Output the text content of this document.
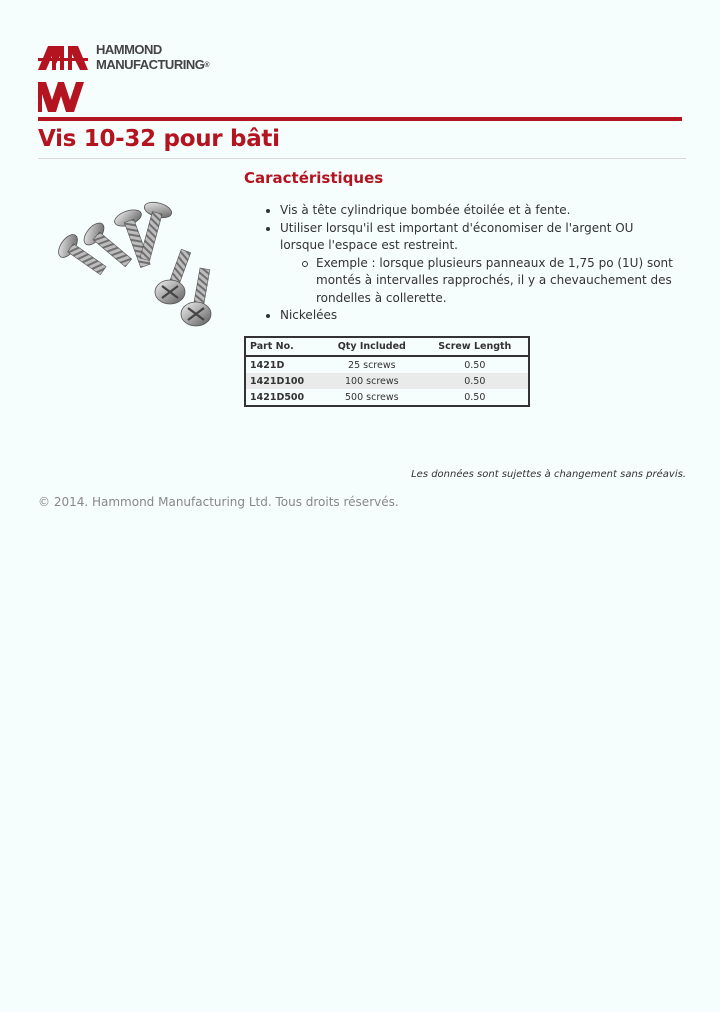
HAMMOND
MANUFACTURING®
Vis 10-32 pour bâti
Caractéristiques
Vis à tête cylindrique bombée étoilée et à fente.
Utiliser lorsqu'il est important d'économiser de l'argent OU lorsque l'espace est restreint.
Exemple : lorsque plusieurs panneaux de 1,75 po (1U) sont montés à intervalles rapprochés, il y a chevauchement des rondelles à collerette.
Nickelées
Part No.	Qty Included	Screw Length
1421D	25 screws	0.50
1421D100	100 screws	0.50
1421D500	500 screws	0.50
Les données sont sujettes à changement sans préavis.
© 2014. Hammond Manufacturing Ltd. Tous droits réservés.
